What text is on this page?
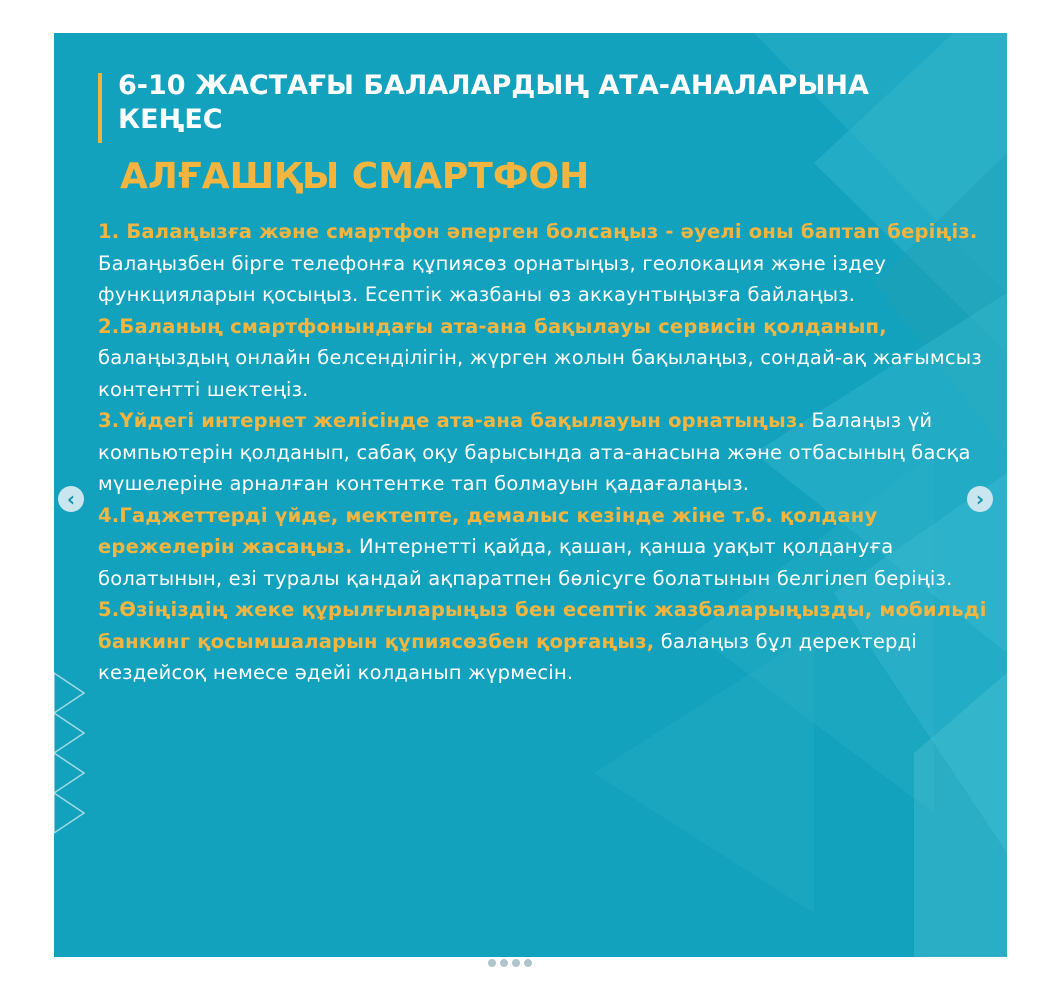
6-10 ЖАСТАҒЫ БАЛАЛАРДЫҢ АТА-АНАЛАРЫНА КЕҢЕС
АЛҒАШҚЫ СМАРТФОН

1. Балаңызға жəне смартфон əперген болсаңыз - əуелі оны баптап беріңіз. Балаңызбен бірге телефонға құпиясөз орнатыңыз, геолокация жəне іздеу функцияларын қосыңыз. Есептік жазбаны өз аккаунтыңызға байлаңыз.

2.Баланың смартфонындағы ата-ана бақылауы сервисін қолданып, балаңыздың онлайн белсенділігін, жүрген жолын бақылаңыз, сондай-ақ жағымсыз контентті шектеңіз.

3.Үйдегі интернет желісінде ата-ана бақылауын орнатыңыз. Балаңыз үй компьютерін қолданып, сабақ оқу барысында ата-анасына жəне отбасының басқа мүшелеріне арналған контентке тап болмауын қадағалаңыз.

4.Гаджеттерді үйде, мектепте, демалыс кезінде жіне т.б. қолдану ережелерін жасаңыз. Интернетті қайда, қашан, қанша уақыт қолдануға болатынын, езі туралы қандай ақпаратпен бөлісуге болатынын белгілеп беріңіз.

5.Өзіңіздің жеке құрылғыларыңыз бен есептік жазбаларыңызды, мобильді банкинг қосымшаларын құпиясөзбен қорғаңыз, балаңыз бұл деректерді кездейсоқ немесе əдейі колданып жүрмесін.

‹	›
